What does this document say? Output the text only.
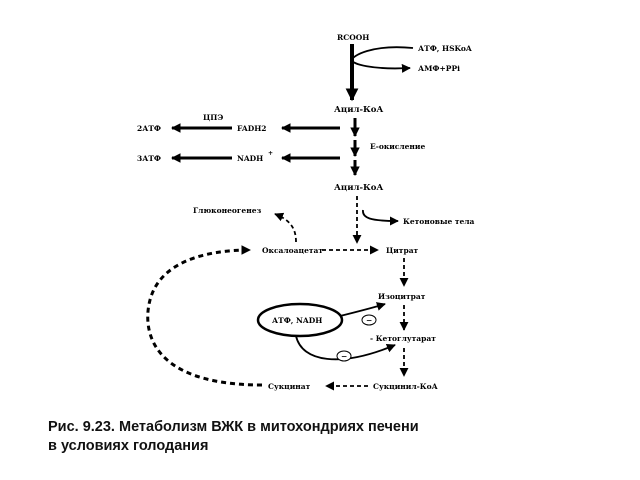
RCOOH
АТФ, HSKoA
АМФ+PPi
Ацил-КоА
Е-окисление
FADH2
ЦПЭ
2АТФ
NADH
+
3АТФ
Ацил-КоА
Кетоновые тела
Глюконеогенез
Оксалоацетат	Цитрат
Изоцитрат
- Кетоглутарат
Сукцинил-КоА
Сукцинат
АТФ, NADH	−
−
Рис. 9.23. Метаболизм ВЖК в митохондриях печени
в условиях голодания
